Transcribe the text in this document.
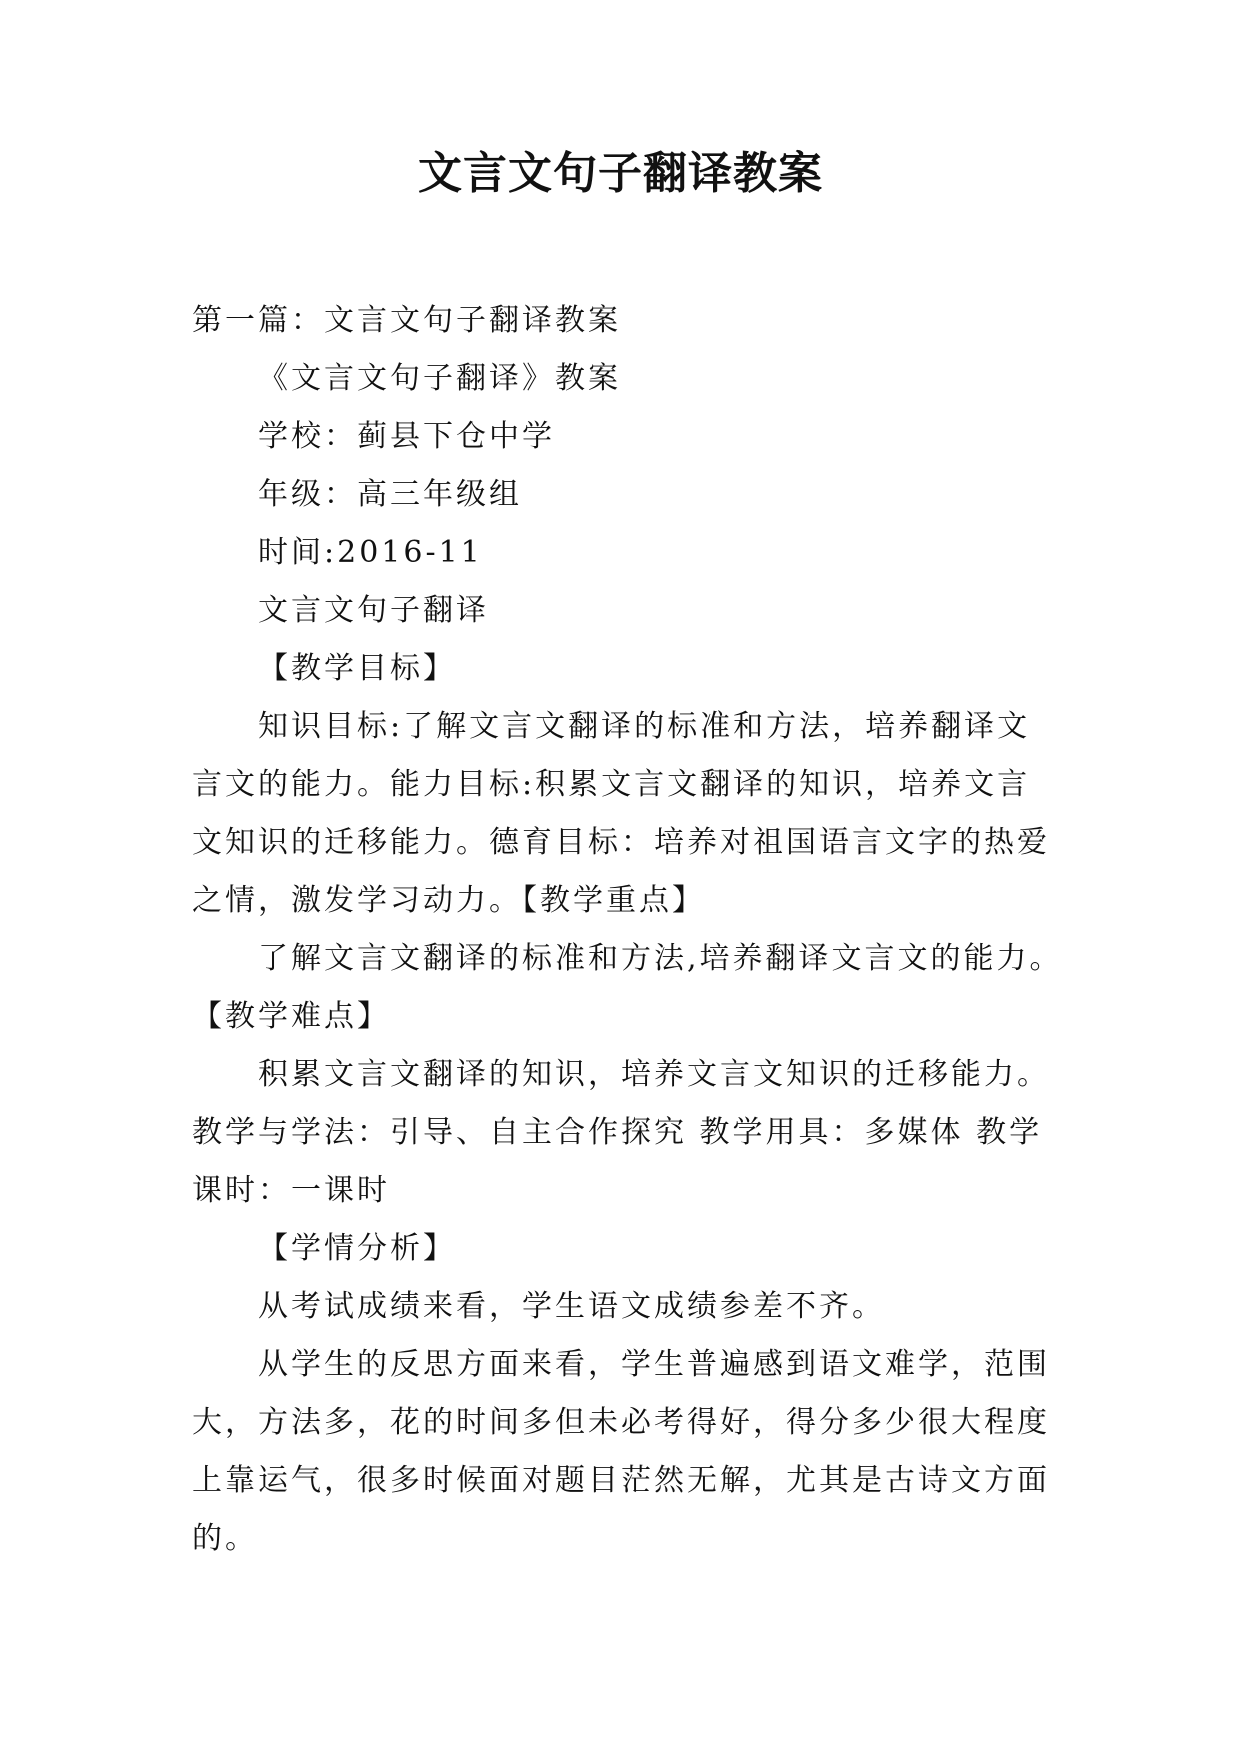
文言文句子翻译教案
第一篇：文言文句子翻译教案
《文言文句子翻译》教案
学校：蓟县下仓中学
年级：高三年级组
时间:2016-11
文言文句子翻译
【教学目标】
知识目标:了解文言文翻译的标准和方法，培养翻译文
言文的能力。能力目标:积累文言文翻译的知识，培养文言
文知识的迁移能力。德育目标：培养对祖国语言文字的热爱
之情，激发学习动力。【教学重点】
了解文言文翻译的标准和方法,培养翻译文言文的能力。
【教学难点】
积累文言文翻译的知识，培养文言文知识的迁移能力。
教学与学法：引导、自主合作探究 教学用具：多媒体 教学
课时：一课时
【学情分析】
从考试成绩来看，学生语文成绩参差不齐。
从学生的反思方面来看，学生普遍感到语文难学，范围
大，方法多，花的时间多但未必考得好，得分多少很大程度
上靠运气，很多时候面对题目茫然无解，尤其是古诗文方面
的。
